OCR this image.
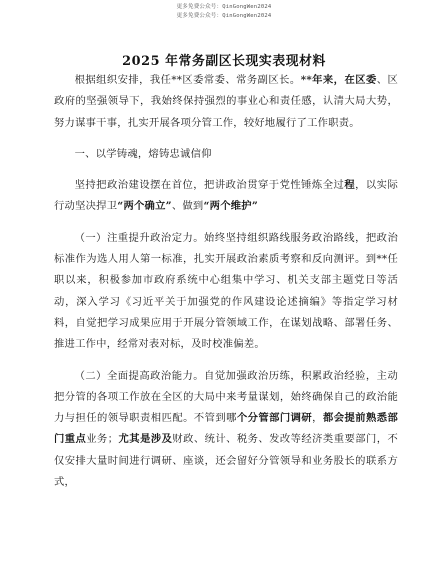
更多免费公众号：QinGongWen2024
更多免费公众号：QinGongWen2024
2025 年常务副区长现实表现材料

根据组织安排，我任**区委常委、常务副区长。**年来，在区委、区政府的坚强领导下，我始终保持强烈的事业心和责任感，认清大局大势，努力谋事干事，扎实开展各项分管工作，较好地履行了工作职责。

一、以学铸魂，熔铸忠诚信仰

坚持把政治建设摆在首位，把讲政治贯穿于党性锤炼全过程，以实际行动坚决捍卫“两个确立”、做到“两个维护”

（一）注重提升政治定力。始终坚持组织路线服务政治路线，把政治标准作为选人用人第一标准，扎实开展政治素质考察和反向测评。到**任职以来，积极参加市政府系统中心组集中学习、机关支部主题党日等活动，深入学习《习近平关于加强党的作风建设论述摘编》等指定学习材料，自觉把学习成果应用于开展分管领域工作，在谋划战略、部署任务、推进工作中，经常对表对标，及时校准偏差。

（二）全面提高政治能力。自觉加强政治历练，积累政治经验，主动把分管的各项工作放在全区的大局中来考量谋划，始终确保自己的政治能力与担任的领导职责相匹配。不管到哪个分管部门调研，都会提前熟悉部门重点业务；尤其是涉及财政、统计、税务、发改等经济类重要部门，不仅安排大量时间进行调研、座谈，还会留好分管领导和业务股长的联系方式，
